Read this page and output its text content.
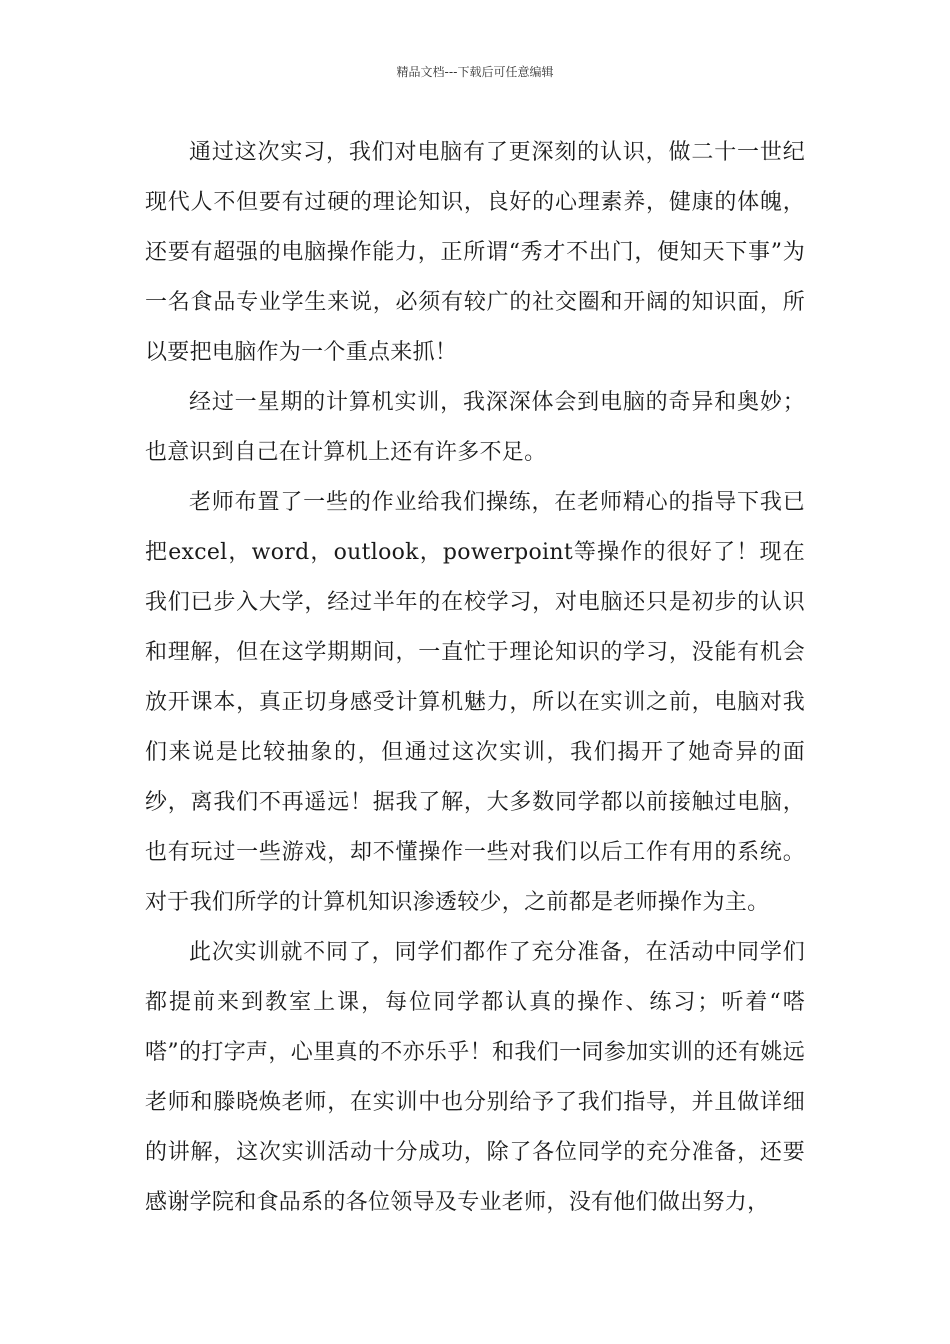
精品文档---下载后可任意编辑

通过这次实习，我们对电脑有了更深刻的认识，做二十一世纪现代人不但要有过硬的理论知识，良好的心理素养，健康的体魄，还要有超强的电脑操作能力，正所谓“秀才不出门，便知天下事”为一名食品专业学生来说，必须有较广的社交圈和开阔的知识面，所以要把电脑作为一个重点来抓！

经过一星期的计算机实训，我深深体会到电脑的奇异和奥妙；也意识到自己在计算机上还有许多不足。

老师布置了一些的作业给我们操练，在老师精心的指导下我已把excel，word，outlook，powerpoint等操作的很好了！现在我们已步入大学，经过半年的在校学习，对电脑还只是初步的认识和理解，但在这学期期间，一直忙于理论知识的学习，没能有机会放开课本，真正切身感受计算机魅力，所以在实训之前，电脑对我们来说是比较抽象的，但通过这次实训，我们揭开了她奇异的面纱，离我们不再遥远！据我了解，大多数同学都以前接触过电脑，也有玩过一些游戏，却不懂操作一些对我们以后工作有用的系统。对于我们所学的计算机知识渗透较少，之前都是老师操作为主。

此次实训就不同了，同学们都作了充分准备，在活动中同学们都提前来到教室上课，每位同学都认真的操作、练习；听着“嗒嗒”的打字声，心里真的不亦乐乎！和我们一同参加实训的还有姚远老师和滕晓焕老师，在实训中也分别给予了我们指导，并且做详细的讲解，这次实训活动十分成功，除了各位同学的充分准备，还要感谢学院和食品系的各位领导及专业老师，没有他们做出努力，
